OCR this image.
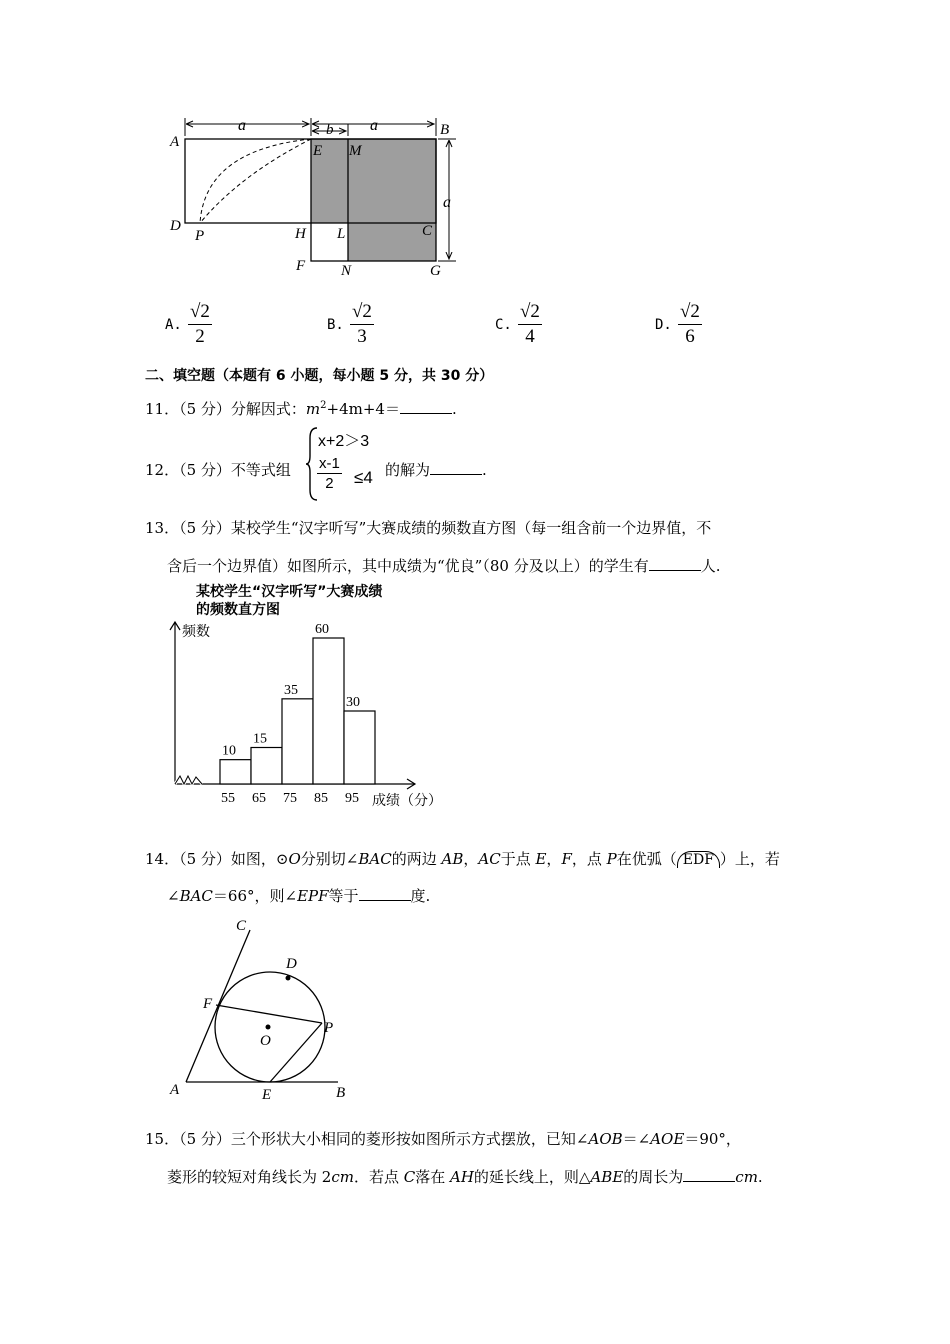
a	b a
a
A
B
C
D
E
F	G
H L
M
N
P
A. $\frac{√2}{2}$	B. $\frac{√2}{3}$	C. $\frac{√2}{4}$	D. $\frac{√2}{6}$
二、填空题（本题有 6 小题，每小题 5 分，共 30 分）
11．（5 分）分解因式：$m^2+4m+4=$	.
12．（5 分）不等式组
x+2＞3
$\frac{x-1}{2} \le 4$ 的解为	.
13．（5 分）某校学生“汉字听写”大赛成绩的频数直方图（每一组含前一个边界值，不
含后一个边界值）如图所示，其中成绩为“优良”（80 分及以上）的学生有	人.
某校学生“汉字听写”大赛成绩
的频数直方图
频数
成绩（分）
10
55
15
65
35
75
60
85
30
95
14．（5 分）如图，⊙O分别切∠BAC的两边 AB，AC于点 E，F，点 P在优弧（ EDF ）上，若
∠BAC＝66°，则∠EPF等于	度.
C
D
F
O
P
A	E	B
15．（5 分）三个形状大小相同的菱形按如图所示方式摆放，已知∠AOB＝∠AOE＝90°，
菱形的较短对角线长为 2cm．若点 C落在 AH的延长线上，则△ABE的周长为	cm.
